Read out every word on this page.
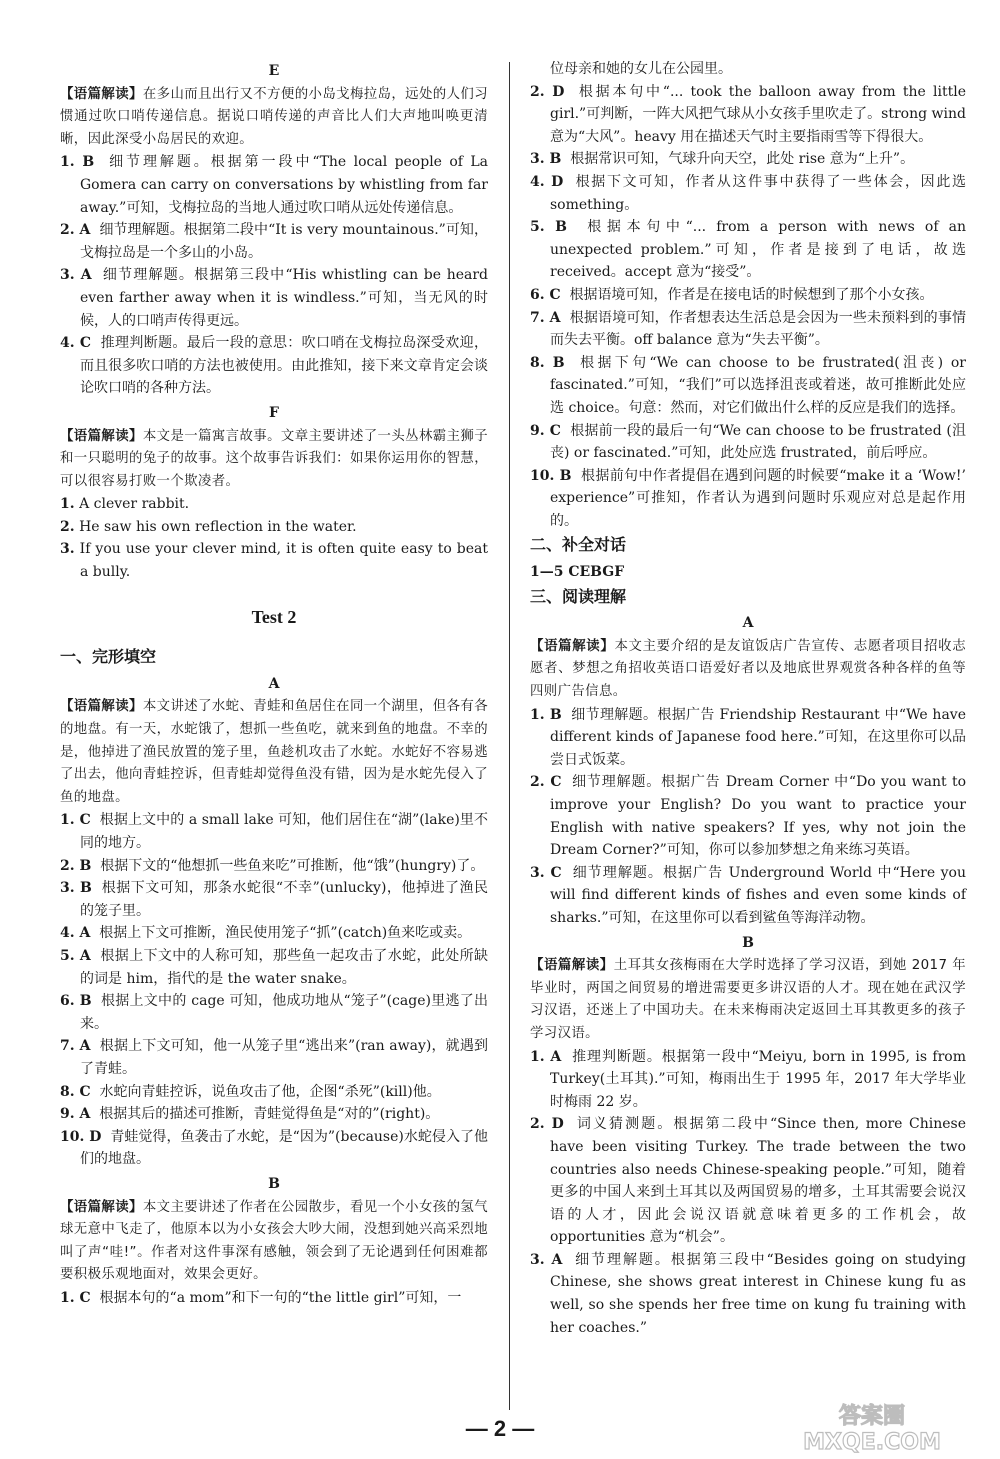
E

【语篇解读】在多山而且出行又不方便的小岛戈梅拉岛，远处的人们习惯通过吹口哨传递信息。据说口哨传递的声音比人们大声地叫唤更清晰，因此深受小岛居民的欢迎。

1. B 细节理解题。根据第一段中“The local people of La Gomera can carry on conversations by whistling from far away.”可知，戈梅拉岛的当地人通过吹口哨从远处传递信息。

2. A 细节理解题。根据第二段中“It is very mountainous.”可知，戈梅拉岛是一个多山的小岛。

3. A 细节理解题。根据第三段中“His whistling can be heard even farther away when it is windless.”可知，当无风的时候，人的口哨声传得更远。

4. C 推理判断题。最后一段的意思：吹口哨在戈梅拉岛深受欢迎，而且很多吹口哨的方法也被使用。由此推知，接下来文章肯定会谈论吹口哨的各种方法。

F

【语篇解读】本文是一篇寓言故事。文章主要讲述了一头丛林霸主狮子和一只聪明的兔子的故事。这个故事告诉我们：如果你运用你的智慧，可以很容易打败一个欺凌者。

1. A clever rabbit.

2. He saw his own reflection in the water.

3. If you use your clever mind, it is often quite easy to beat a bully.

Test 2

一、完形填空

A

【语篇解读】本文讲述了水蛇、青蛙和鱼居住在同一个湖里，但各有各的地盘。有一天，水蛇饿了，想抓一些鱼吃，就来到鱼的地盘。不幸的是，他掉进了渔民放置的笼子里，鱼趁机攻击了水蛇。水蛇好不容易逃了出去，他向青蛙控诉，但青蛙却觉得鱼没有错，因为是水蛇先侵入了鱼的地盘。

1. C 根据上文中的 a small lake 可知，他们居住在“湖”(lake)里不同的地方。

2. B 根据下文的“他想抓一些鱼来吃”可推断，他“饿”(hungry)了。

3. B 根据下文可知，那条水蛇很“不幸”(unlucky)，他掉进了渔民的笼子里。

4. A 根据上下文可推断，渔民使用笼子“抓”(catch)鱼来吃或卖。

5. A 根据上下文中的人称可知，那些鱼一起攻击了水蛇，此处所缺的词是 him，指代的是 the water snake。

6. B 根据上文中的 cage 可知，他成功地从“笼子”(cage)里逃了出来。

7. A 根据上下文可知，他一从笼子里“逃出来”(ran away)，就遇到了青蛙。

8. C 水蛇向青蛙控诉，说鱼攻击了他，企图“杀死”(kill)他。

9. A 根据其后的描述可推断，青蛙觉得鱼是“对的”(right)。

10. D 青蛙觉得，鱼袭击了水蛇，是“因为”(because)水蛇侵入了他们的地盘。

B

【语篇解读】本文主要讲述了作者在公园散步，看见一个小女孩的氢气球无意中飞走了，他原本以为小女孩会大吵大闹，没想到她兴高采烈地叫了声“哇!”。作者对这件事深有感触，领会到了无论遇到任何困难都要积极乐观地面对，效果会更好。

1. C 根据本句的“a mom”和下一句的“the little girl”可知，一

位母亲和她的女儿在公园里。

2. D 根据本句中“... took the balloon away from the little girl.”可判断，一阵大风把气球从小女孩手里吹走了。strong wind意为“大风”。heavy 用在描述天气时主要指雨雪等下得很大。

3. B 根据常识可知，气球升向天空，此处 rise 意为“上升”。

4. D 根据下文可知，作者从这件事中获得了一些体会，因此选 something。

5. B 根据本句中“... from a person with news of an unexpected problem.”可知，作者是接到了电话，故选 received。accept 意为“接受”。

6. C 根据语境可知，作者是在接电话的时候想到了那个小女孩。

7. A 根据语境可知，作者想表达生活总是会因为一些未预料到的事情而失去平衡。off balance 意为“失去平衡”。

8. B 根据下句“We can choose to be frustrated(沮丧) or fascinated.”可知，“我们”可以选择沮丧或着迷，故可推断此处应选 choice。句意：然而，对它们做出什么样的反应是我们的选择。

9. C 根据前一段的最后一句“We can choose to be frustrated (沮丧) or fascinated.”可知，此处应选 frustrated，前后呼应。

10. B 根据前句中作者提倡在遇到问题的时候要“make it a ‘Wow!’ experience”可推知，作者认为遇到问题时乐观应对总是起作用的。

二、补全对话

1—5 CEBGF

三、阅读理解

A

【语篇解读】本文主要介绍的是友谊饭店广告宣传、志愿者项目招收志愿者、梦想之角招收英语口语爱好者以及地底世界观赏各种各样的鱼等四则广告信息。

1. B 细节理解题。根据广告 Friendship Restaurant 中“We have different kinds of Japanese food here.”可知，在这里你可以品尝日式饭菜。

2. C 细节理解题。根据广告 Dream Corner 中“Do you want to improve your English? Do you want to practice your English with native speakers? If yes, why not join the Dream Corner?”可知，你可以参加梦想之角来练习英语。

3. C 细节理解题。根据广告 Underground World 中“Here you will find different kinds of fishes and even some kinds of sharks.”可知，在这里你可以看到鲨鱼等海洋动物。

B

【语篇解读】土耳其女孩梅雨在大学时选择了学习汉语，到她 2017 年毕业时，两国之间贸易的增进需要更多讲汉语的人才。现在她在武汉学习汉语，还迷上了中国功夫。在未来梅雨决定返回土耳其教更多的孩子学习汉语。

1. A 推理判断题。根据第一段中“Meiyu, born in 1995, is from Turkey(土耳其).”可知，梅雨出生于 1995 年，2017 年大学毕业时梅雨 22 岁。

2. D 词义猜测题。根据第二段中“Since then, more Chinese have been visiting Turkey. The trade between the two countries also needs Chinese-speaking people.”可知，随着更多的中国人来到土耳其以及两国贸易的增多，土耳其需要会说汉语的人才，因此会说汉语就意味着更多的工作机会，故 opportunities 意为“机会”。

3. A 细节理解题。根据第三段中“Besides going on studying Chinese, she shows great interest in Chinese kung fu as well, so she spends her free time on kung fu training with her coaches.”

— 2 —	答案圈
MXQE.COM
